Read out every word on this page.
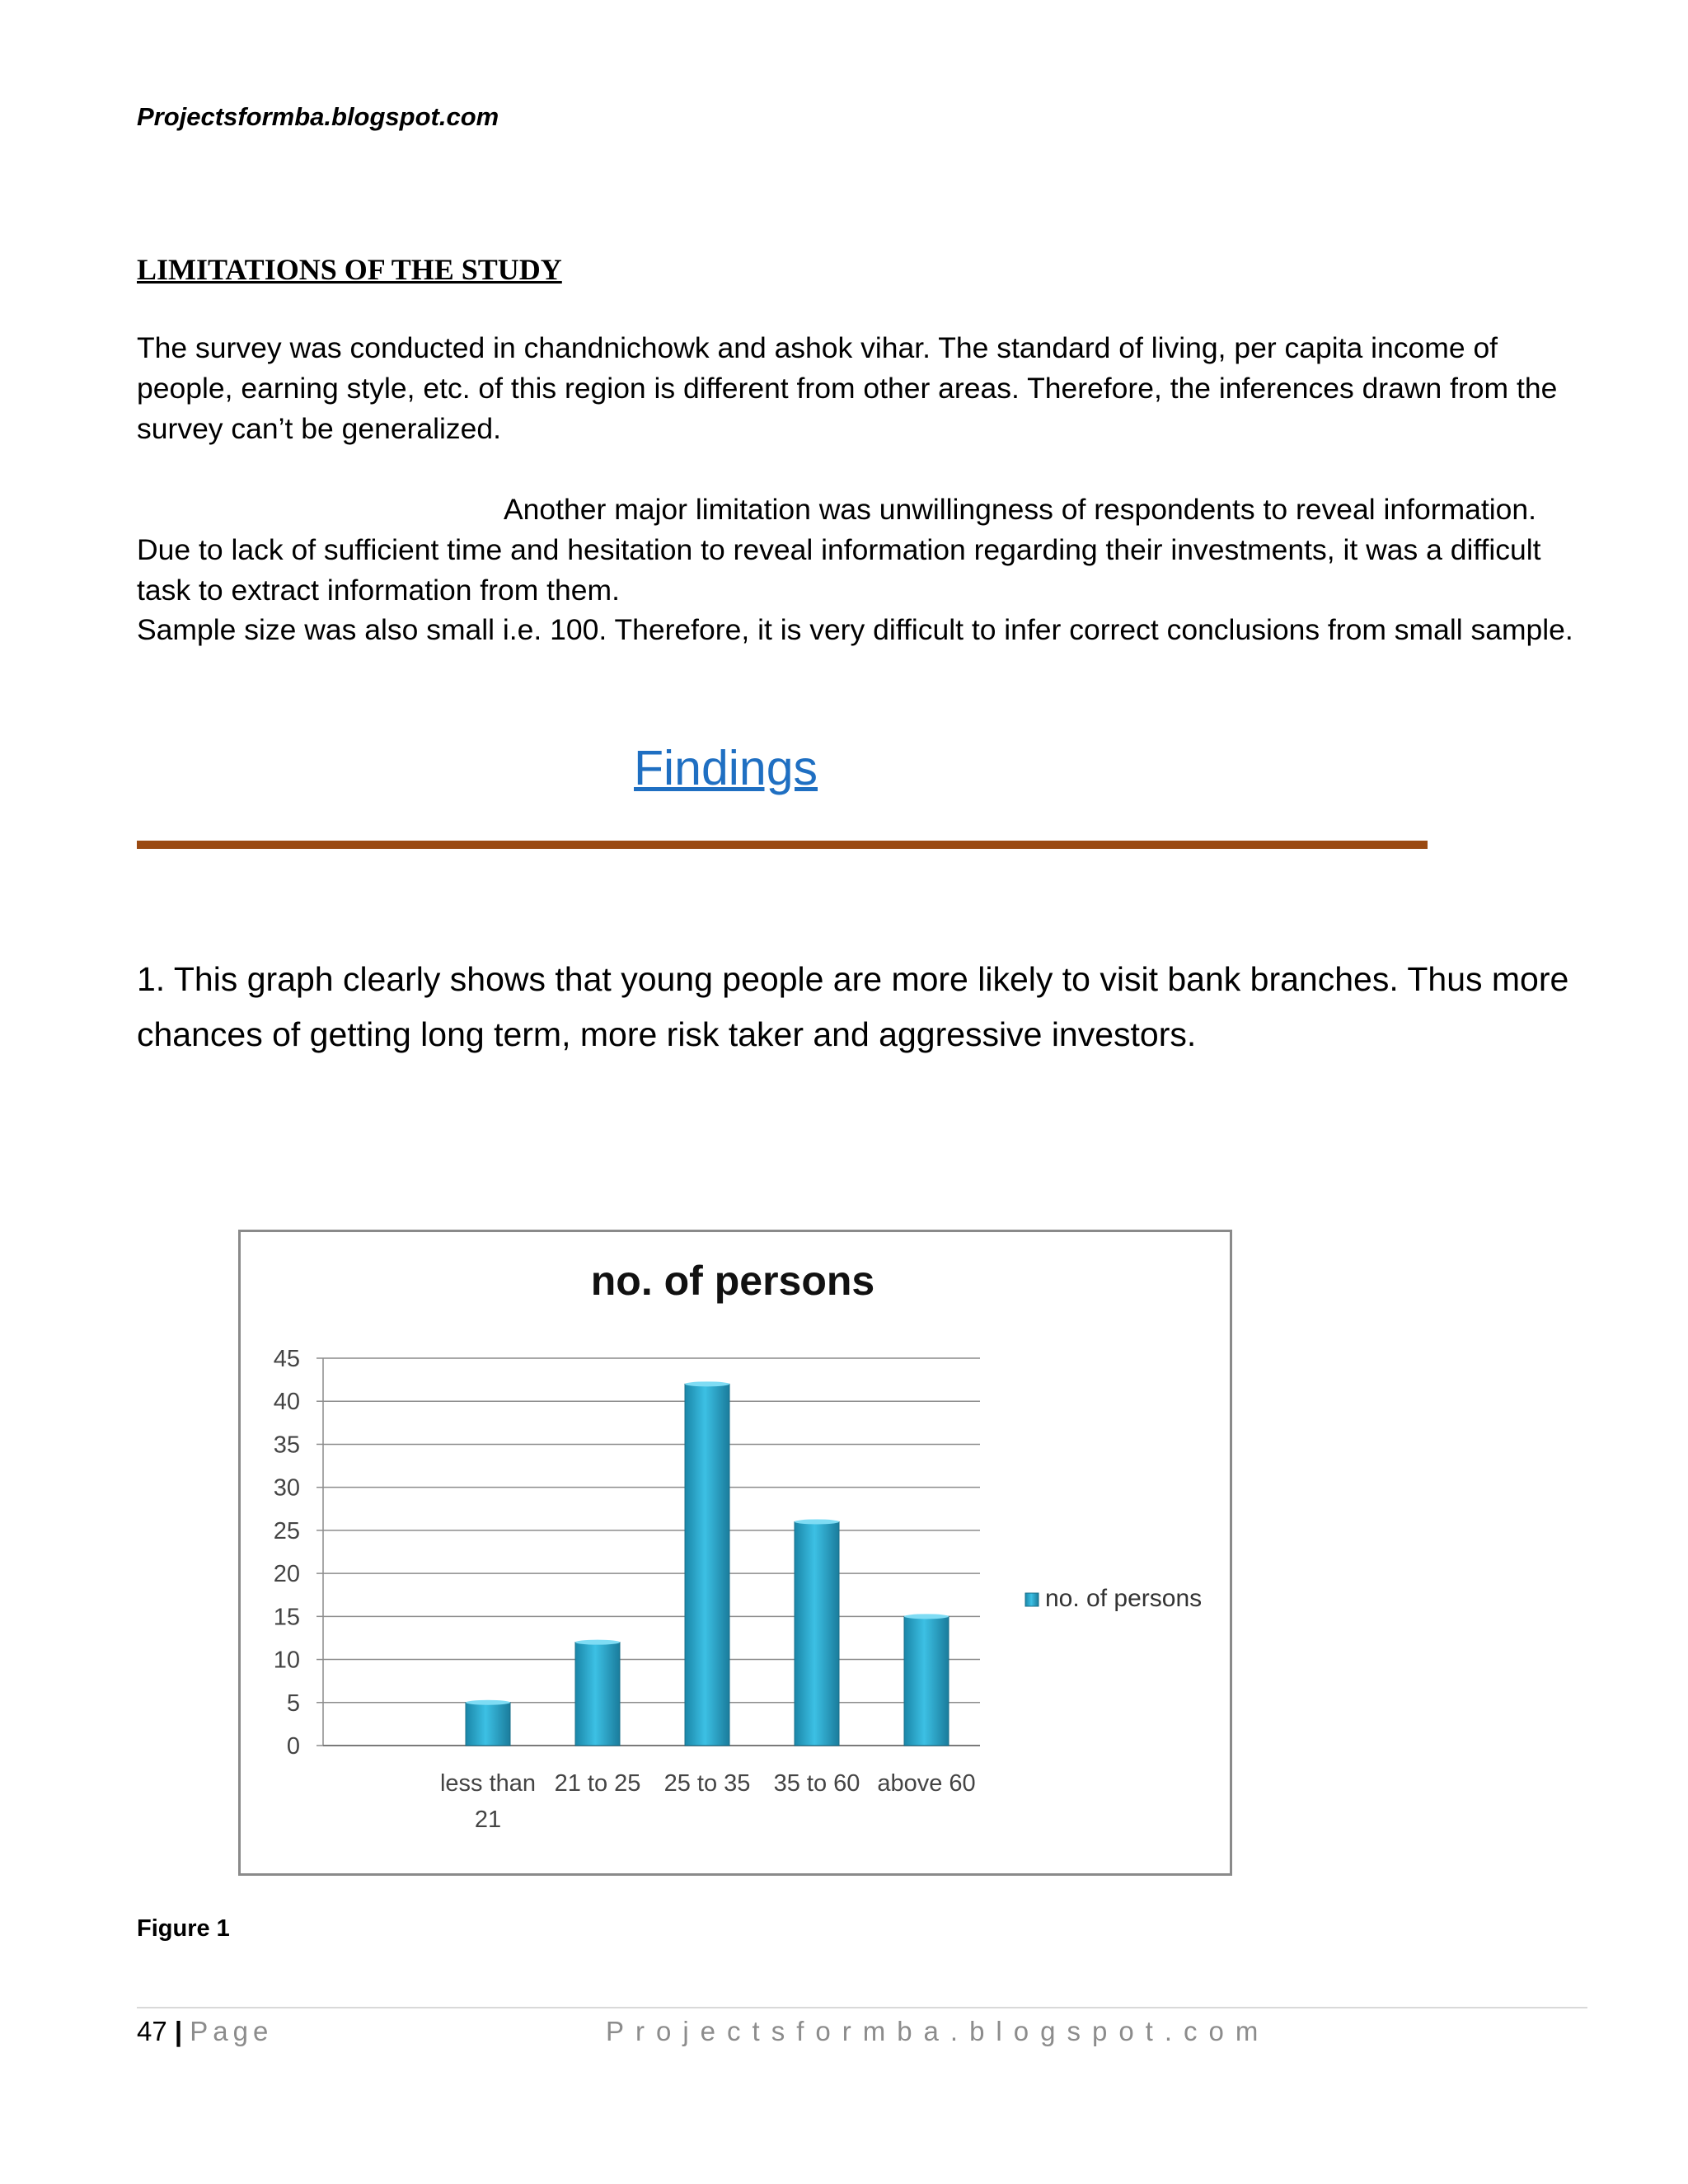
Projectsformba.blogspot.com
LIMITATIONS OF THE STUDY
The survey was conducted in chandnichowk and ashok vihar. The standard of living, per capita income of people, earning style, etc. of this region is different from other areas. Therefore, the inferences drawn from the survey can’t be generalized.
Another major limitation was unwillingness of respondents to reveal information. Due to lack of sufficient time and hesitation to reveal information regarding their investments, it was a difficult task to extract information from them.
Sample size was also small i.e. 100. Therefore, it is very difficult to infer correct conclusions from small sample.
Findings
1. This graph clearly shows that young people are more likely to visit bank branches. Thus more chances of getting long term, more risk taker and aggressive investors.
no. of persons
0
5
10
15
20
25
30
35
40
45
less than 21
21 to 25 25 to 35 35 to 60 above 60
no. of persons
Figure 1
47 | Page	Projectsformba.blogspot.com
